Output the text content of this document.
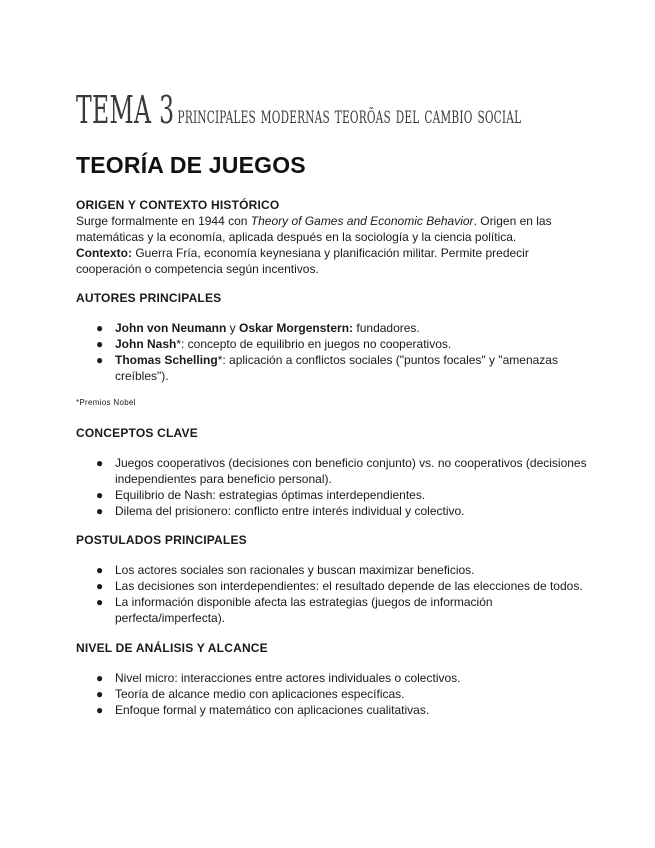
TEMA 3 principales modernas teorõas del cambio social
TEORÍA DE JUEGOS

ORIGEN Y CONTEXTO HISTÓRICO

Surge formalmente en 1944 con Theory of Games and Economic Behavior. Origen en las matemáticas y la economía, aplicada después en la sociología y la ciencia política.

Contexto: Guerra Fría, economía keynesiana y planificación militar. Permite predecir cooperación o competencia según incentivos.

AUTORES PRINCIPALES

● John von Neumann y Oskar Morgenstern: fundadores.
● John Nash*: concepto de equilibrio en juegos no cooperativos.
● Thomas Schelling*: aplicación a conflictos sociales ("puntos focales" y "amenazas creíbles").
*Premios Nobel

CONCEPTOS CLAVE

● Juegos cooperativos (decisiones con beneficio conjunto) vs. no cooperativos (decisiones independientes para beneficio personal).
● Equilibrio de Nash: estrategias óptimas interdependientes.
● Dilema del prisionero: conflicto entre interés individual y colectivo.

POSTULADOS PRINCIPALES

● Los actores sociales son racionales y buscan maximizar beneficios.
● Las decisiones son interdependientes: el resultado depende de las elecciones de todos.
● La información disponible afecta las estrategias (juegos de información perfecta/imperfecta).

NIVEL DE ANÁLISIS Y ALCANCE

● Nivel micro: interacciones entre actores individuales o colectivos.
● Teoría de alcance medio con aplicaciones específicas.
● Enfoque formal y matemático con aplicaciones cualitativas.
